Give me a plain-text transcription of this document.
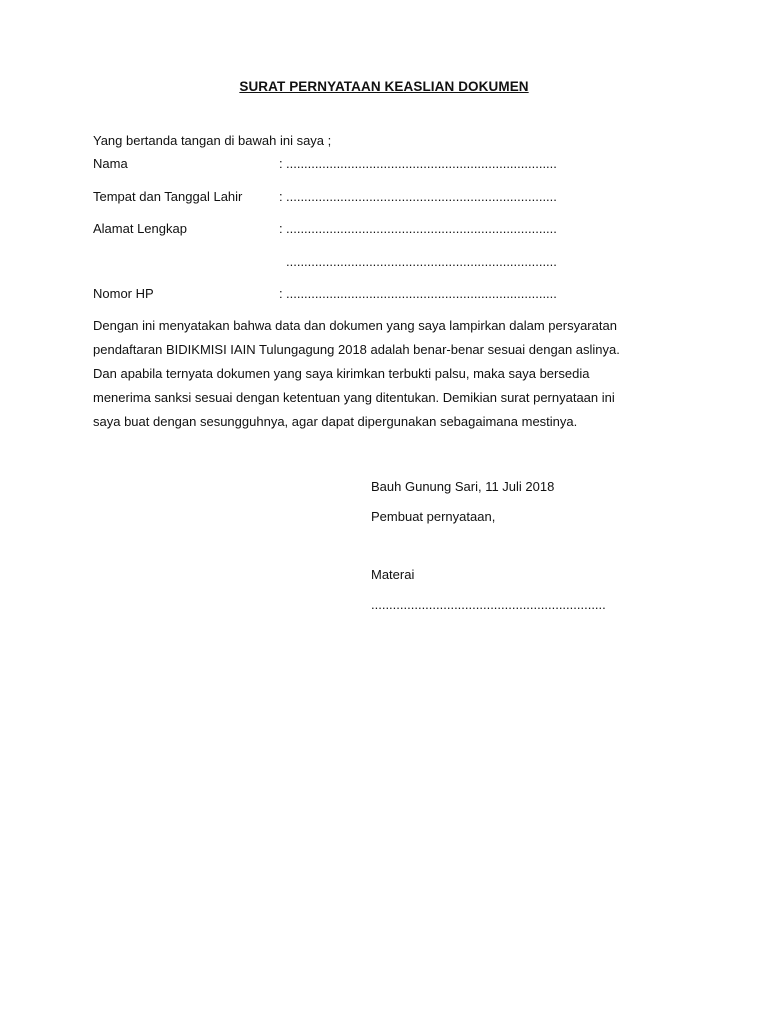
SURAT PERNYATAAN KEASLIAN DOKUMEN
Yang bertanda tangan di bawah ini saya ;
Nama	: ...........................................................................
Tempat dan Tanggal Lahir	: ...........................................................................
Alamat Lengkap	: ...........................................................................
...........................................................................
Nomor HP	: ...........................................................................
Dengan ini menyatakan bahwa data dan dokumen yang saya lampirkan dalam persyaratan
pendaftaran BIDIKMISI IAIN Tulungagung 2018 adalah benar-benar sesuai dengan aslinya.
Dan apabila ternyata dokumen yang saya kirimkan terbukti palsu, maka saya bersedia
menerima sanksi sesuai dengan ketentuan yang ditentukan. Demikian surat pernyataan ini
saya buat dengan sesungguhnya, agar dapat dipergunakan sebagaimana mestinya.
Bauh Gunung Sari, 11 Juli 2018
Pembuat pernyataan,
Materai
.................................................................
